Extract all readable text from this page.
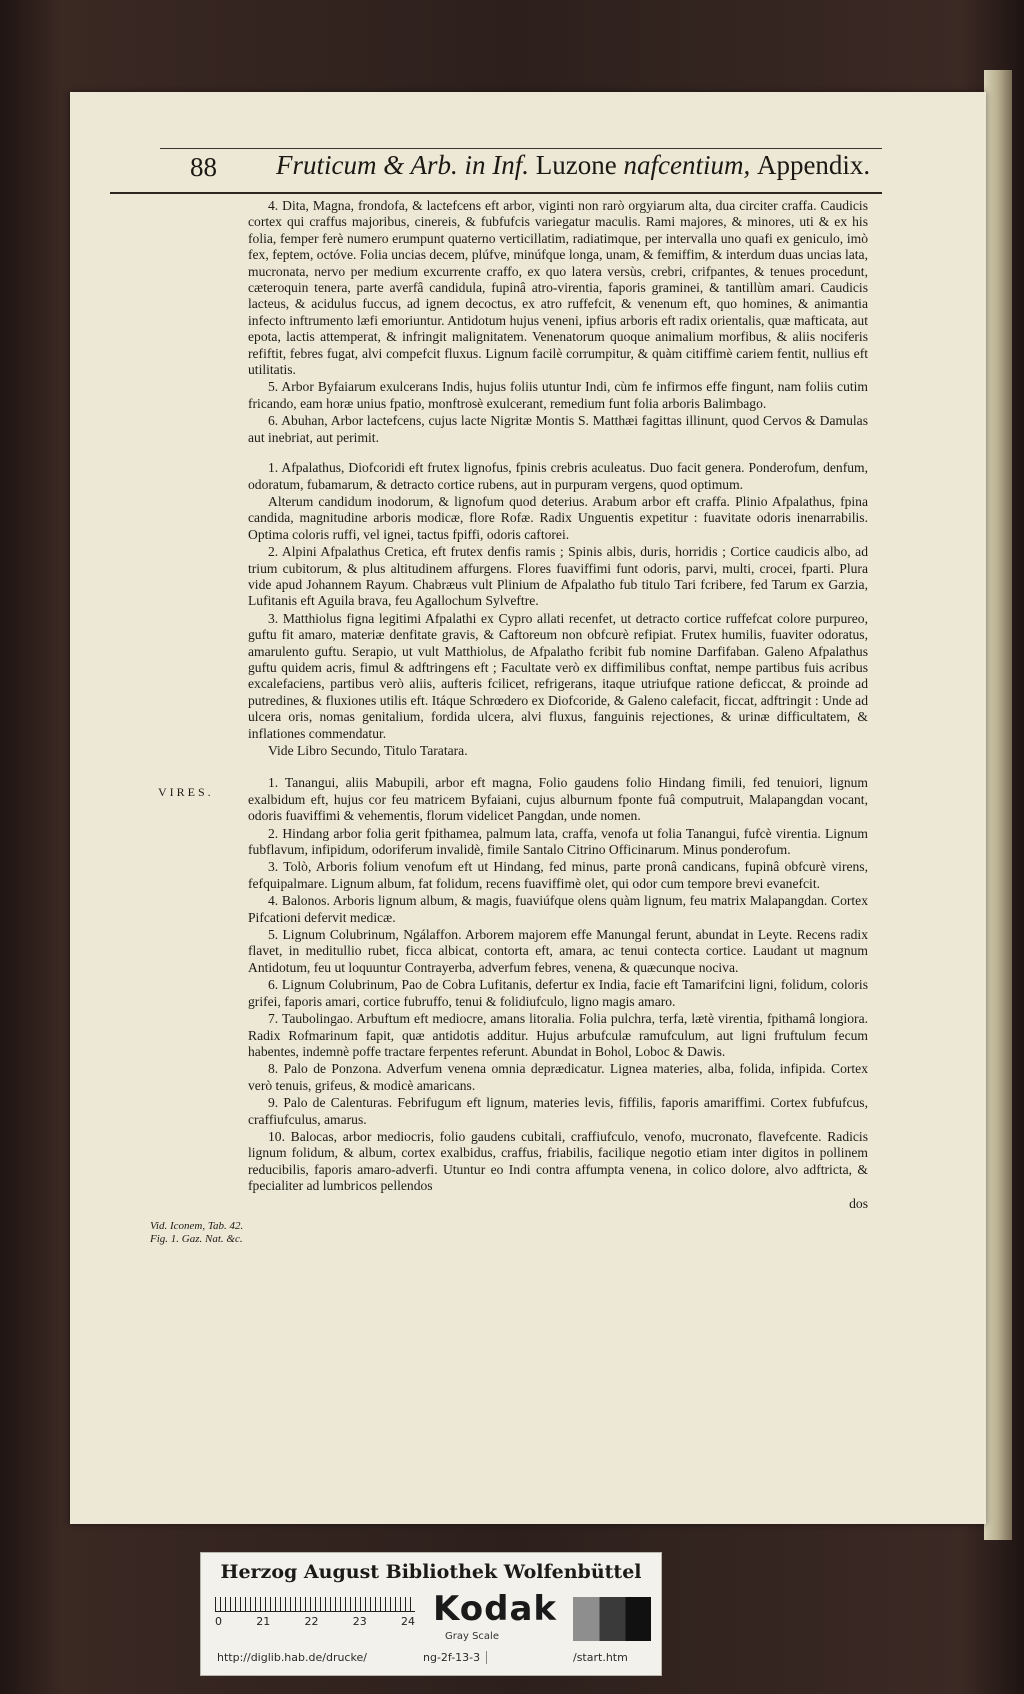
88 Fruticum & Arb. in Inf. Luzone nafcentium, Appendix.
VIRES.
Vid. Iconem, Tab. 42. Fig. 1. Gaz. Nat. &c.

4. Dita, Magna, frondofa, & lactefcens eft arbor, viginti non rarò orgyiarum alta, dua circiter craffa. Caudicis cortex qui craffus majoribus, cinereis, & fubfufcis variegatur maculis. Rami majores, & minores, uti & ex his folia, femper ferè numero erumpunt quaterno verticillatim, radiatimque, per intervalla uno quafi ex geniculo, imò fex, feptem, octóve. Folia uncias decem, plúfve, minúfque longa, unam, & femiffim, & interdum duas uncias lata, mucronata, nervo per medium excurrente craffo, ex quo latera versùs, crebri, crifpantes, & tenues procedunt, cæteroquin tenera, parte averfâ candidula, fupinâ atro-virentia, faporis graminei, & tantillùm amari. Caudicis lacteus, & acidulus fuccus, ad ignem decoctus, ex atro ruffefcit, & venenum eft, quo homines, & animantia infecto inftrumento læfi emoriuntur. Antidotum hujus veneni, ipfius arboris eft radix orientalis, quæ mafticata, aut epota, lactis attemperat, & infringit malignitatem. Venenatorum quoque animalium morfibus, & aliis nociferis refiftit, febres fugat, alvi compefcit fluxus. Lignum facilè corrumpitur, & quàm citiffimè cariem fentit, nullius eft utilitatis.

5. Arbor Byfaiarum exulcerans Indis, hujus foliis utuntur Indi, cùm fe infirmos effe fingunt, nam foliis cutim fricando, eam horæ unius fpatio, monftrosè exulcerant, remedium funt folia arboris Balimbago.

6. Abuhan, Arbor lactefcens, cujus lacte Nigritæ Montis S. Matthæi fagittas illinunt, quod Cervos & Damulas aut inebriat, aut perimit.

1. Afpalathus, Diofcoridi eft frutex lignofus, fpinis crebris aculeatus. Duo facit genera. Ponderofum, denfum, odoratum, fubamarum, & detracto cortice rubens, aut in purpuram vergens, quod optimum.

Alterum candidum inodorum, & lignofum quod deterius. Arabum arbor eft craffa. Plinio Afpalathus, fpina candida, magnitudine arboris modicæ, flore Rofæ. Radix Unguentis expetitur : fuavitate odoris inenarrabilis. Optima coloris ruffi, vel ignei, tactus fpiffi, odoris caftorei.

2. Alpini Afpalathus Cretica, eft frutex denfis ramis ; Spinis albis, duris, horridis ; Cortice caudicis albo, ad trium cubitorum, & plus altitudinem affurgens. Flores fuaviffimi funt odoris, parvi, multi, crocei, fparti. Plura vide apud Johannem Rayum. Chabræus vult Plinium de Afpalatho fub titulo Tari fcribere, fed Tarum ex Garzia, Lufitanis eft Aguila brava, feu Agallochum Sylveftre.

3. Matthiolus figna legitimi Afpalathi ex Cypro allati recenfet, ut detracto cortice ruffefcat colore purpureo, guftu fit amaro, materiæ denfitate gravis, & Caftoreum non obfcurè refipiat. Frutex humilis, fuaviter odoratus, amarulento guftu. Serapio, ut vult Matthiolus, de Afpalatho fcribit fub nomine Darfifaban. Galeno Afpalathus guftu quidem acris, fimul & adftringens eft ; Facultate verò ex diffimilibus conftat, nempe partibus fuis acribus excalefaciens, partibus verò aliis, aufteris fcilicet, refrigerans, itaque utriufque ratione deficcat, & proinde ad putredines, & fluxiones utilis eft. Itáque Schrœdero ex Diofcoride, & Galeno calefacit, ficcat, adftringit : Unde ad ulcera oris, nomas genitalium, fordida ulcera, alvi fluxus, fanguinis rejectiones, & urinæ difficultatem, & inflationes commendatur.

Vide Libro Secundo, Titulo Taratara.

1. Tanangui, aliis Mabupili, arbor eft magna, Folio gaudens folio Hindang fimili, fed tenuiori, lignum exalbidum eft, hujus cor feu matricem Byfaiani, cujus alburnum fponte fuâ computruit, Malapangdan vocant, odoris fuaviffimi & vehementis, florum videlicet Pangdan, unde nomen.

2. Hindang arbor folia gerit fpithamea, palmum lata, craffa, venofa ut folia Tanangui, fufcè virentia. Lignum fubflavum, infipidum, odoriferum invalidè, fimile Santalo Citrino Officinarum. Minus ponderofum.

3. Tolò, Arboris folium venofum eft ut Hindang, fed minus, parte pronâ candicans, fupinâ obfcurè virens, fefquipalmare. Lignum album, fat folidum, recens fuaviffimè olet, qui odor cum tempore brevi evanefcit.

4. Balonos. Arboris lignum album, & magis, fuaviúfque olens quàm lignum, feu matrix Malapangdan. Cortex Pifcationi defervit medicæ.

5. Lignum Colubrinum, Ngálaffon. Arborem majorem effe Manungal ferunt, abundat in Leyte. Recens radix flavet, in meditullio rubet, ficca albicat, contorta eft, amara, ac tenui contecta cortice. Laudant ut magnum Antidotum, feu ut loquuntur Contrayerba, adverfum febres, venena, & quæcunque nociva.

6. Lignum Colubrinum, Pao de Cobra Lufitanis, defertur ex India, facie eft Tamarifcini ligni, folidum, coloris grifei, faporis amari, cortice fubruffo, tenui & folidiufculo, ligno magis amaro.

7. Taubolingao. Arbuftum eft mediocre, amans litoralia. Folia pulchra, terfa, lætè virentia, fpithamâ longiora. Radix Rofmarinum fapit, quæ antidotis additur. Hujus arbufculæ ramufculum, aut ligni fruftulum fecum habentes, indemnè poffe tractare ferpentes referunt. Abundat in Bohol, Loboc & Dawis.

8. Palo de Ponzona. Adverfum venena omnia deprædicatur. Lignea materies, alba, folida, infipida. Cortex verò tenuis, grifeus, & modicè amaricans.

9. Palo de Calenturas. Febrifugum eft lignum, materies levis, fiffilis, faporis amariffimi. Cortex fubfufcus, craffiufculus, amarus.

10. Balocas, arbor mediocris, folio gaudens cubitali, craffiufculo, venofo, mucronato, flavefcente. Radicis lignum folidum, & album, cortex exalbidus, craffus, friabilis, facilique negotio etiam inter digitos in pollinem reducibilis, faporis amaro-adverfi. Utuntur eo Indi contra affumpta venena, in colico dolore, alvo adftricta, & fpecialiter ad lumbricos pellendos

dos
Herzog August Bibliothek Wolfenbüttel
0	21	22	23	24 Kodak
Gray Scale
http://diglib.hab.de/drucke/	ng-2f-13-3	/start.htm
